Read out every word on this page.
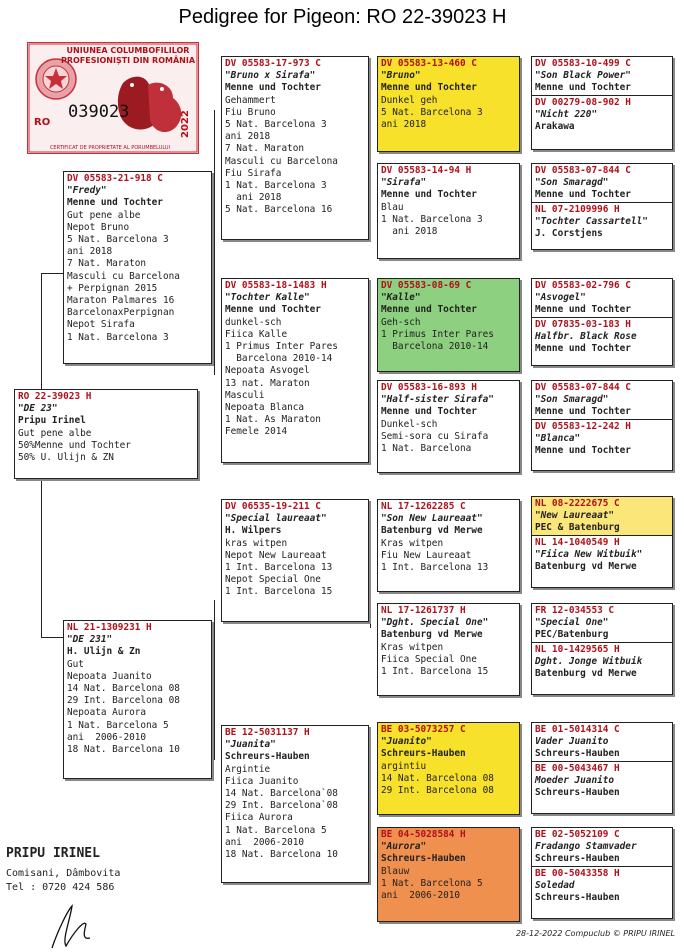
Pedigree for Pigeon: RO 22-39023 H
UNIUNEA COLUMBOFILILOR
PROFESIONIȘTI DIN ROMÂNIA
039023
RO	2022
CERTIFICAT DE PROPRIETATE AL PORUMBELULUI
RO 22-39023 H
"DE 23"
Pripu Irinel
Gut pene albe
50%Menne und Tochter
50% U. Ulijn & ZN
DV 05583-21-918 C
"Fredy"
Menne und Tochter
Gut pene albe
Nepot Bruno
5 Nat. Barcelona 3
ani 2018
7 Nat. Maraton
Masculi cu Barcelona
+ Perpignan 2015
Maraton Palmares 16
BarcelonaxPerpignan
Nepot Sirafa
1 Nat. Barcelona 3
NL 21-1309231 H
"DE 231"
H. Ulijn & Zn
Gut
Nepoata Juanito
14 Nat. Barcelona 08
29 Int. Barcelona 08
Nepoata Aurora
1 Nat. Barcelona 5
ani  2006-2010
18 Nat. Barcelona 10
DV 05583-17-973 C
"Bruno x Sirafa"
Menne und Tochter
Gehammert
Fiu Bruno
5 Nat. Barcelona 3
ani 2018
7 Nat. Maraton
Masculi cu Barcelona
Fiu Sirafa
1 Nat. Barcelona 3
ani 2018
5 Nat. Barcelona 16
DV 05583-18-1483 H
"Tochter Kalle"
Menne und Tochter
dunkel-sch
Fiica Kalle
1 Primus Inter Pares
Barcelona 2010-14
Nepoata Asvogel
13 nat. Maraton
Masculi
Nepoata Blanca
1 Nat. As Maraton
Femele 2014
DV 06535-19-211 C
"Special laureaat"
H. Wilpers
kras witpen
Nepot New Laureaat
1 Int. Barcelona 13
Nepot Special One
1 Int. Barcelona 15
BE 12-5031137 H
"Juanita"
Schreurs-Hauben
Argintie
Fiica Juanito
14 Nat. Barcelona`08
29 Int. Barcelona`08
Fiica Aurora
1 Nat. Barcelona 5
ani  2006-2010
18 Nat. Barcelona 10
DV 05583-13-460 C
"Bruno"
Menne und Tochter
Dunkel geh
5 Nat. Barcelona 3
ani 2018
DV 05583-14-94 H
"Sirafa"
Menne und Tochter
Blau
1 Nat. Barcelona 3
ani 2018
DV 05583-08-69 C
"Kalle"
Menne und Tochter
Geh-sch
1 Primus Inter Pares
Barcelona 2010-14
DV 05583-16-893 H
"Half-sister Sirafa"
Menne und Tochter
Dunkel-sch
Semi-sora cu Sirafa
1 Nat. Barcelona
NL 17-1262285 C
"Son New Laureaat"
Batenburg vd Merwe
Kras witpen
Fiu New Laureaat
1 Int. Barcelona 13
NL 17-1261737 H
"Dght. Special One"
Batenburg vd Merwe
Kras witpen
Fiica Special One
1 Int. Barcelona 15
BE 03-5073257 C
"Juanito"
Schreurs-Hauben
argintiu
14 Nat. Barcelona 08
29 Int. Barcelona 08
BE 04-5028584 H
"Aurora"
Schreurs-Hauben
Blauw
1 Nat. Barcelona 5
ani  2006-2010
DV 05583-10-499 C
"Son Black Power"
Menne und Tochter
DV 00279-08-902 H
"Nicht 220"
Arakawa
DV 05583-07-844 C
"Son Smaragd"
Menne und Tochter
NL 07-2109996 H
"Tochter Cassartell"
J. Corstjens
DV 05583-02-796 C
"Asvogel"
Menne und Tochter
DV 07835-03-183 H
Halfbr. Black Rose
Menne und Tochter
DV 05583-07-844 C
"Son Smaragd"
Menne und Tochter
DV 05583-12-242 H
"Blanca"
Menne und Tochter
NL 08-2222675 C
"New Laureaat"
PEC & Batenburg
NL 14-1040549 H
"Fiica New Witbuik"
Batenburg vd Merwe
FR 12-034553 C
"Special One"
PEC/Batenburg
NL 10-1429565 H
Dght. Jonge Witbuik
Batenburg vd Merwe
BE 01-5014314 C
Vader Juanito
Schreurs-Hauben
BE 00-5043467 H
Moeder Juanito
Schreurs-Hauben
BE 02-5052109 C
Fradango Stamvader
Schreurs-Hauben
BE 00-5043358 H
Soledad
Schreurs-Hauben
PRIPU IRINEL
Comisani, Dâmbovita
Tel : 0720 424 586
28-12-2022 Compuclub © PRIPU IRINEL
